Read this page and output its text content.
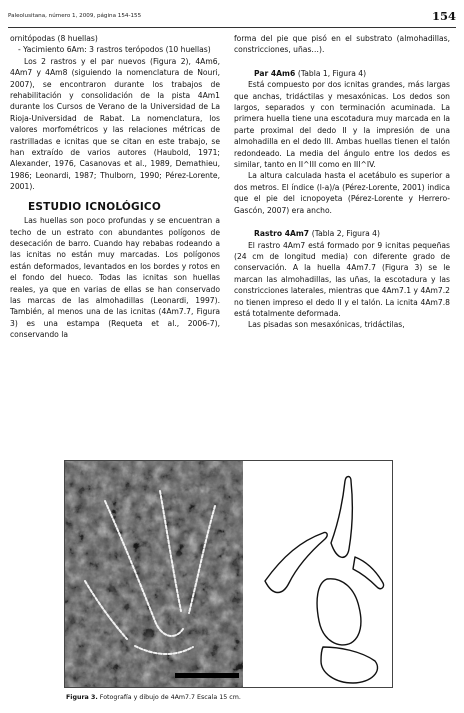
Paleolusitana, número 1, 2009, página 154-155	154

ornitópodas (8 huellas)

- Yacimiento 6Am: 3 rastros terópodos (10 huellas)

Los 2 rastros y el par nuevos (Figura 2), 4Am6, 4Am7 y 4Am8 (siguiendo la nomenclatura de Nouri, 2007), se encontraron durante los trabajos de rehabilitación y consolidación de la pista 4Am1 durante los Cursos de Verano de la Universidad de La Rioja-Universidad de Rabat. La nomenclatura, los valores morfométricos y las relaciones métricas de rastrilladas e icnitas que se citan en este trabajo, se han extraído de varios autores (Haubold, 1971; Alexander, 1976, Casanovas et al., 1989, Demathieu, 1986; Leonardi, 1987; Thulborn, 1990; Pérez-Lorente, 2001).

ESTUDIO ICNOLÓGICO

Las huellas son poco profundas y se encuentran a techo de un estrato con abundantes polígonos de desecación de barro. Cuando hay rebabas rodeando a las icnitas no están muy marcadas. Los polígonos están deformados, levantados en los bordes y rotos en el fondo del hueco. Todas las icnitas son huellas reales, ya que en varias de ellas se han conservado las marcas de las almohadillas (Leonardi, 1997). También, al menos una de las icnitas (4Am7.7, Figura 3) es una estampa (Requeta et al., 2006-7), conservando la

forma del pie que pisó en el substrato (almohadillas, constricciones, uñas…).

Par 4Am6 (Tabla 1, Figura 4)

Está compuesto por dos icnitas grandes, más largas que anchas, tridáctilas y mesaxónicas. Los dedos son largos, separados y con terminación acuminada. La primera huella tiene una escotadura muy marcada en la parte proximal del dedo II y la impresión de una almohadilla en el dedo III. Ambas huellas tienen el talón redondeado. La media del ángulo entre los dedos es similar, tanto en II^III como en III^IV.

La altura calculada hasta el acetábulo es superior a dos metros. El índice (l-a)/a (Pérez-Lorente, 2001) indica que el pie del icnopoyeta (Pérez-Lorente y Herrero-Gascón, 2007) era ancho.

Rastro 4Am7 (Tabla 2, Figura 4)

El rastro 4Am7 está formado por 9 icnitas pequeñas (24 cm de longitud media) con diferente grado de conservación. A la huella 4Am7.7 (Figura 3) se le marcan las almohadillas, las uñas, la escotadura y las constricciones laterales, mientras que 4Am7.1 y 4Am7.2 no tienen impreso el dedo II y el talón. La icnita 4Am7.8 está totalmente deformada.

Las pisadas son mesaxónicas, tridáctilas,

Figura 3. Fotografía y dibujo de 4Am7.7 Escala 15 cm.
